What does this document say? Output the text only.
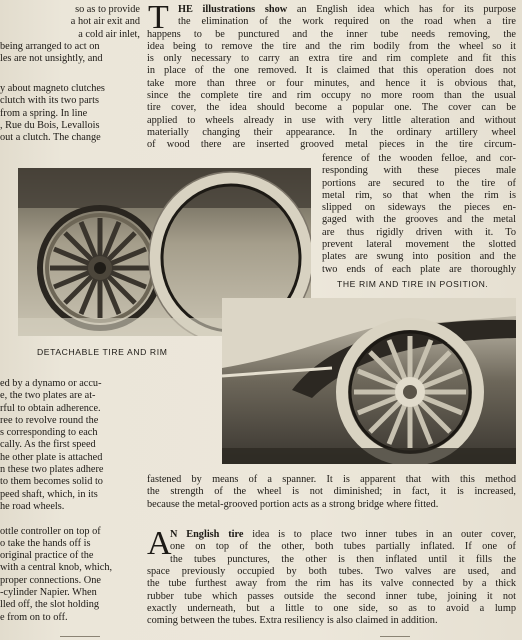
so as to provide

a hot air exit and

a cold air inlet,

being arranged to act on

les are not unsightly, and

y about magneto clutches

clutch with its two parts

from a spring. In line

, Rue du Bois, Levallois

out a clutch. The change

ed by a dynamo or accu-

e, the two plates are at-

rful to obtain adherence.

ree to revolve round the

s corresponding to each

cally. As the first speed

he other plate is attached

n these two plates adhere

to them becomes solid to

peed shaft, which, in its

he road wheels.

ottle controller on top of

o take the hands off is

original practice of the

with a central knob, which,

proper connections. One

-cylinder Napier. When

lled off, the slot holding

e from on to off.

T HE illustrations show an English idea which has for its purpose

the elimination of the work required on the road when a tire

happens to be punctured and the inner tube needs removing, the

idea being to remove the tire and the rim bodily from the wheel so it

is only necessary to carry an extra tire and rim complete and fit this

in place of the one removed. It is claimed that this operation does not

take more than three or four minutes, and hence it is obvious that,

since the complete tire and rim occupy no more room than the usual

tire cover, the idea should become a popular one. The cover can be

applied to wheels already in use with very little alteration and without

materially changing their appearance. In the ordinary artillery wheel

of wood there are inserted grooved metal pieces in the tire circum-

ference of the wooden felloe, and cor-

responding with these pieces male

portions are secured to the tire of

metal rim, so that when the rim is

slipped on sideways the pieces en-

gaged with the grooves and the metal

are thus rigidly driven with it. To

prevent lateral movement the slotted

plates are swung into position and the

two ends of each plate are thoroughly

THE RIM AND TIRE IN POSITION.
DETACHABLE TIRE AND RIM

fastened by means of a spanner. It is apparent that with this method

the strength of the wheel is not diminished; in fact, it is increased,

because the metal-grooved portion acts as a strong bridge where fitted.

A

N English tire idea is to place two inner tubes in an outer cover,

one on top of the other, both tubes partially inflated. If one of

the tubes punctures, the other is then inflated until it fills the

space previously occupied by both tubes. Two valves are used, and

the tube furthest away from the rim has its valve connected by a thick

rubber tube which passes outside the second inner tube, joining it not

exactly underneath, but a little to one side, so as to avoid a lump

coming between the tubes. Extra resiliency is also claimed in addition.
